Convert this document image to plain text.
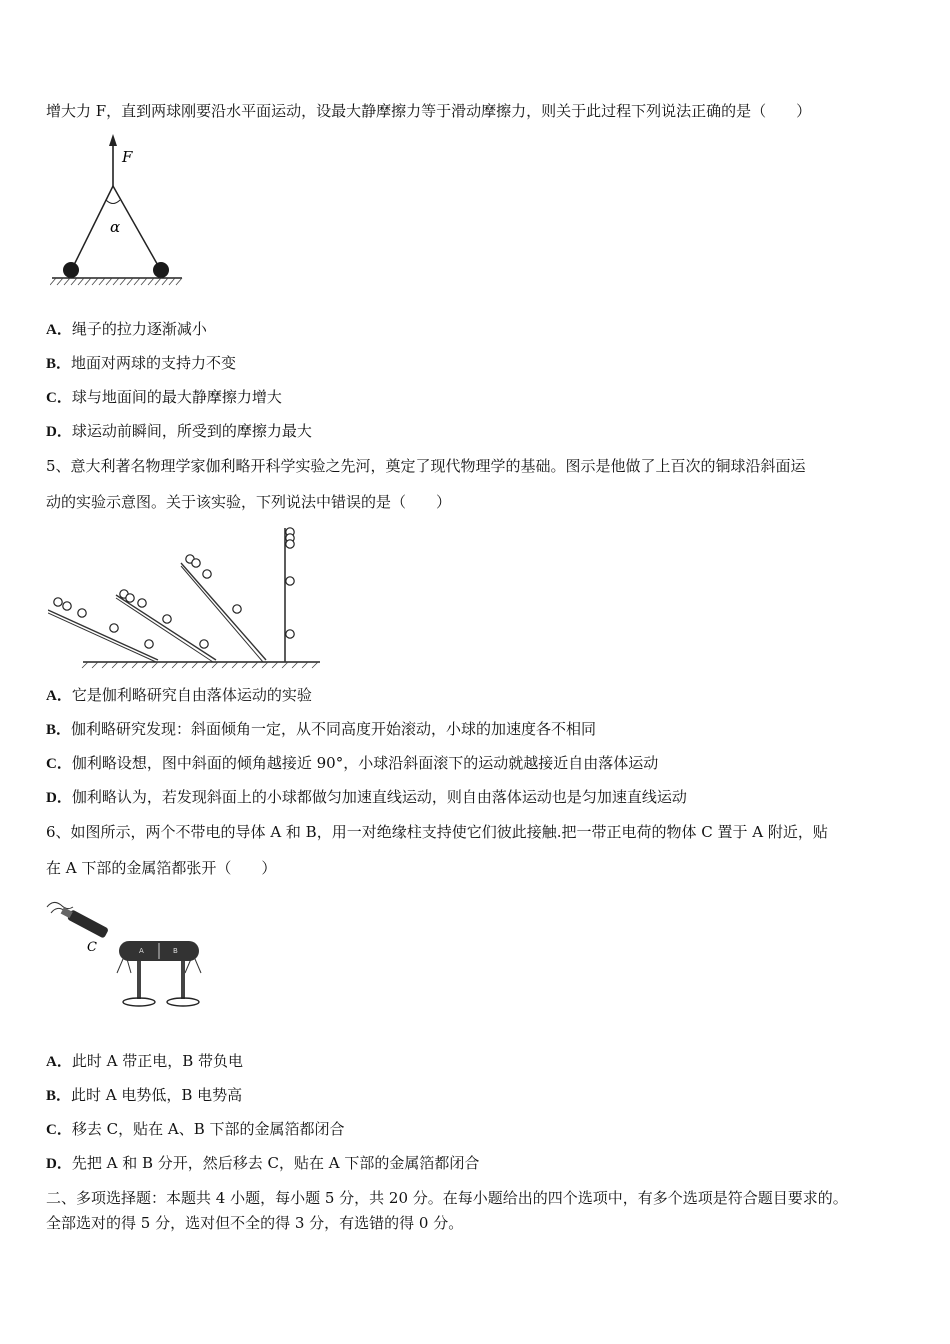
增大力 F，直到两球刚要沿水平面运动，设最大静摩擦力等于滑动摩擦力，则关于此过程下列说法正确的是（　　）
F
α
A．绳子的拉力逐渐减小
B．地面对两球的支持力不变
C．球与地面间的最大静摩擦力增大
D．球运动前瞬间，所受到的摩擦力最大
5、意大利著名物理学家伽利略开科学实验之先河，奠定了现代物理学的基础。图示是他做了上百次的铜球沿斜面运
动的实验示意图。关于该实验，下列说法中错误的是（　　）
A．它是伽利略研究自由落体运动的实验
B．伽利略研究发现：斜面倾角一定，从不同高度开始滚动，小球的加速度各不相同
C．伽利略设想，图中斜面的倾角越接近 90°，小球沿斜面滚下的运动就越接近自由落体运动
D．伽利略认为，若发现斜面上的小球都做匀加速直线运动，则自由落体运动也是匀加速直线运动
6、如图所示，两个不带电的导体 A 和 B，用一对绝缘柱支持使它们彼此接触.把一带正电荷的物体 C 置于 A 附近，贴
在 A 下部的金属箔都张开（　　）
C	A	B
A．此时 A 带正电，B 带负电
B．此时 A 电势低，B 电势高
C．移去 C，贴在 A、B 下部的金属箔都闭合
D．先把 A 和 B 分开，然后移去 C，贴在 A 下部的金属箔都闭合
二、多项选择题：本题共 4 小题，每小题 5 分，共 20 分。在每小题给出的四个选项中，有多个选项是符合题目要求的。
全部选对的得 5 分，选对但不全的得 3 分，有选错的得 0 分。
